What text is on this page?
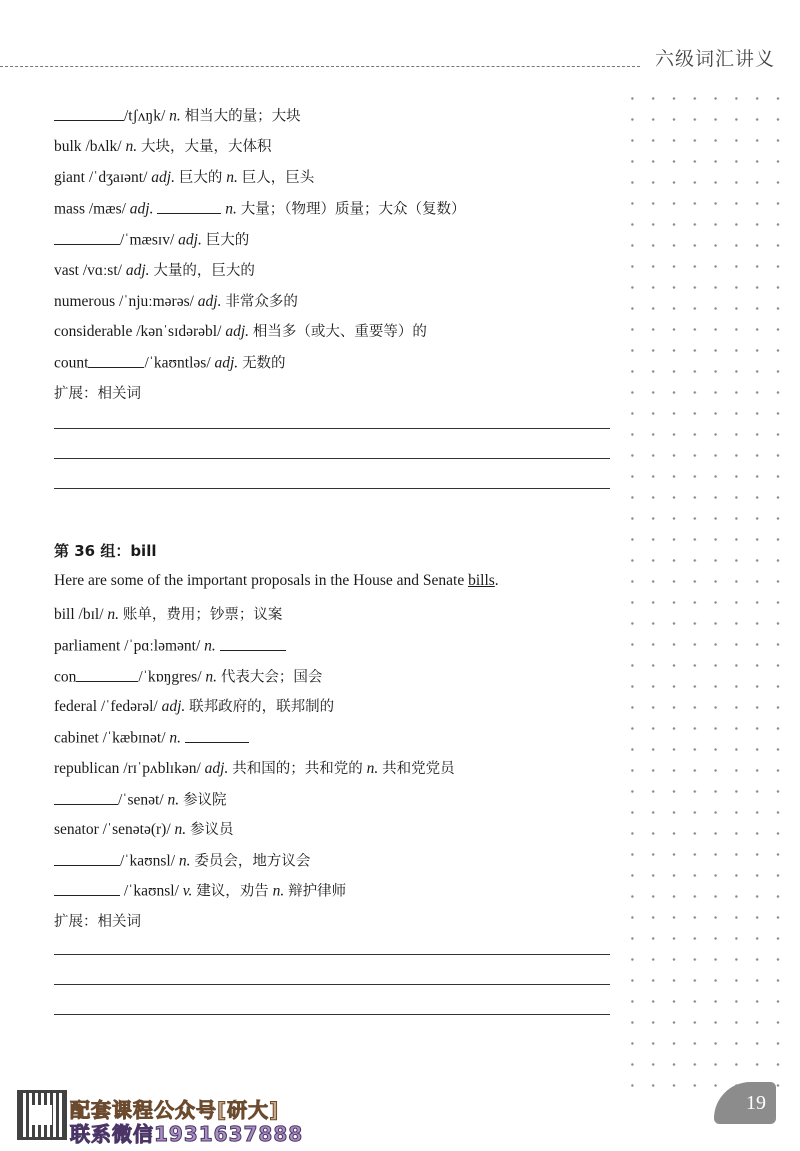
六级词汇讲义
/tʃʌŋk/ n. 相当大的量；大块
bulk /bʌlk/ n. 大块，大量，大体积
giant /ˈdʒaɪənt/ adj. 巨大的 n. 巨人，巨头
mass /mæs/ adj.	n. 大量；（物理）质量；大众（复数）
/ˈmæsɪv/ adj. 巨大的
vast /vɑːst/ adj. 大量的，巨大的
numerous /ˈnjuːmərəs/ adj. 非常众多的
considerable /kənˈsɪdərəbl/ adj. 相当多（或大、重要等）的
count	/ˈkaʊntləs/ adj. 无数的
扩展：相关词
第 36 组：bill
Here are some of the important proposals in the House and Senate bills.
bill /bɪl/ n. 账单，费用；钞票；议案
parliament /ˈpɑːləmənt/ n.
con	/ˈkɒŋgres/ n. 代表大会；国会
federal /ˈfedərəl/ adj. 联邦政府的，联邦制的
cabinet /ˈkæbɪnət/ n.
republican /rɪˈpʌblɪkən/ adj. 共和国的；共和党的 n. 共和党党员
/ˈsenət/ n. 参议院
senator /ˈsenətə(r)/ n. 参议员
/ˈkaʊnsl/ n. 委员会，地方议会
/ˈkaʊnsl/ v. 建议，劝告 n. 辩护律师
扩展：相关词
19
配套课程公众号[研大]
联系微信1931637888
